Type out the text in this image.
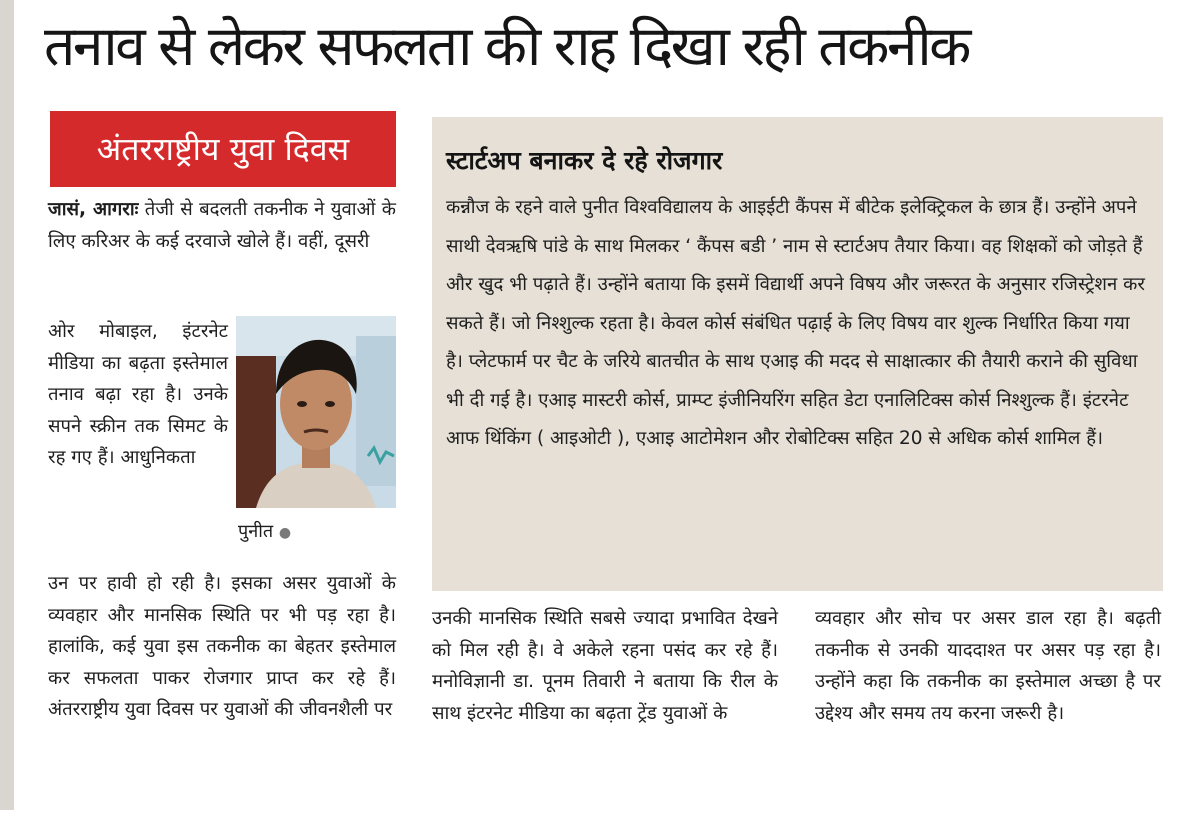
तनाव से लेकर सफलता की राह दिखा रही तकनीक
अंतरराष्ट्रीय युवा दिवस

जासं, आगराः तेजी से बदलती तकनीक ने युवाओं के लिए करिअर के कई दरवाजे खोले हैं। वहीं, दूसरी

ओर मोबाइल, इंटरनेट मीडिया का बढ़ता इस्तेमाल तनाव बढ़ा रहा है। उनके सपने स्क्रीन तक सिमट के रह गए हैं। आधुनिकता

पुनीत ●

उन पर हावी हो रही है। इसका असर युवाओं के व्यवहार और मानसिक स्थिति पर भी पड़ रहा है। हालांकि, कई युवा इस तकनीक का बेहतर इस्तेमाल कर सफलता पाकर रोजगार प्राप्त कर रहे हैं। अंतरराष्ट्रीय युवा दिवस पर युवाओं की जीवनशैली पर

स्टार्टअप बनाकर दे रहे रोजगार

कन्नौज के रहने वाले पुनीत विश्वविद्यालय के आइईटी कैंपस में बीटेक इलेक्ट्रिकल के छात्र हैं। उन्होंने अपने साथी देवऋषि पांडे के साथ मिलकर ‘ कैंपस बडी ’ नाम से स्टार्टअप तैयार किया। वह शिक्षकों को जोड़ते हैं और खुद भी पढ़ाते हैं। उन्होंने बताया कि इसमें विद्यार्थी अपने विषय और जरूरत के अनुसार रजिस्ट्रेशन कर सकते हैं। जो निश्शुल्क रहता है। केवल कोर्स संबंधित पढ़ाई के लिए विषय वार शुल्क निर्धारित किया गया है। प्लेटफार्म पर चैट के जरिये बातचीत के साथ एआइ की मदद से साक्षात्कार की तैयारी कराने की सुविधा भी दी गई है। एआइ मास्टरी कोर्स, प्राम्प्ट इंजीनियरिंग सहित डेटा एनालिटिक्स कोर्स निश्शुल्क हैं। इंटरनेट आफ थिंकिंग ( आइओटी ), एआइ आटोमेशन और रोबोटिक्स सहित 20 से अधिक कोर्स शामिल हैं।

उनकी मानसिक स्थिति सबसे ज्यादा प्रभावित देखने को मिल रही है। वे अकेले रहना पसंद कर रहे हैं। मनोविज्ञानी डा. पूनम तिवारी ने बताया कि रील के साथ इंटरनेट मीडिया का बढ़ता ट्रेंड युवाओं के

व्यवहार और सोच पर असर डाल रहा है। बढ़ती तकनीक से उनकी याददाश्त पर असर पड़ रहा है। उन्होंने कहा कि तकनीक का इस्तेमाल अच्छा है पर उद्देश्य और समय तय करना जरूरी है।
